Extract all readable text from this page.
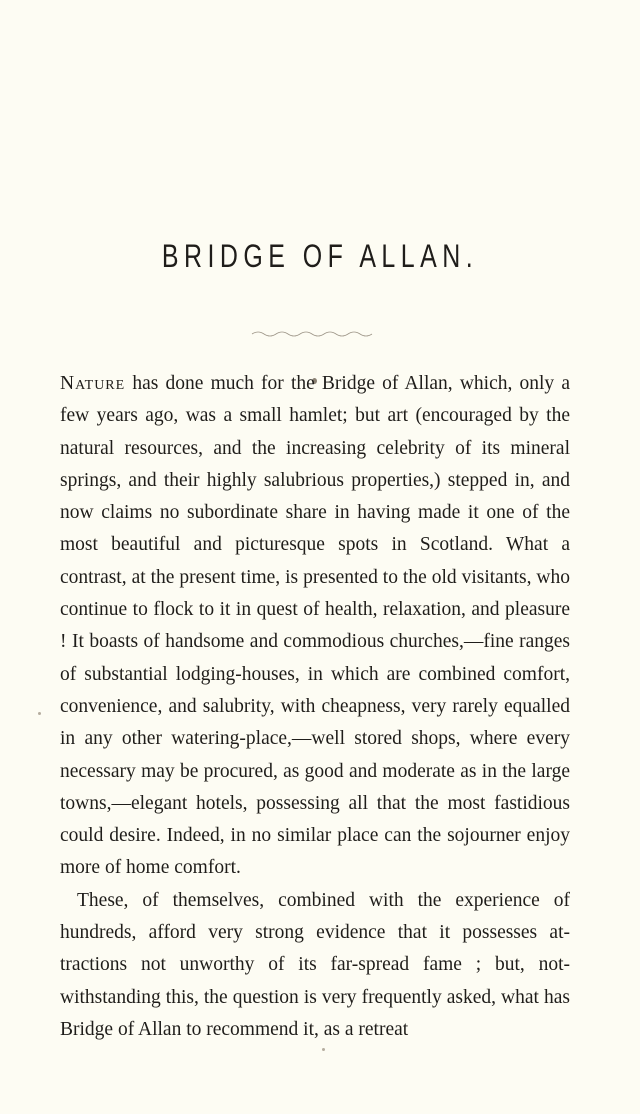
BRIDGE OF ALLAN.

Nature has done much for the Bridge of Allan, which, only a few years ago, was a small hamlet; but art (encouraged by the natural resources, and the increasing celebrity of its mineral springs, and their highly salubrious properties,) stepped in, and now claims no subordinate share in having made it one of the most beautiful and picturesque spots in Scotland. What a contrast, at the present time, is presented to the old visitants, who continue to flock to it in quest of health, relaxation, and pleasure ! It boasts of handsome and commodious churches,—fine ranges of substantial lodging-houses, in which are combined comfort, convenience, and salubrity, with cheapness, very rarely equalled in any other watering-place,—well stored shops, where every necessary may be procured, as good and moderate as in the large towns,—elegant hotels, possessing all that the most fastidious could desire. Indeed, in no similar place can the sojourner enjoy more of home comfort.

These, of themselves, combined with the experience of hundreds, afford very strong evidence that it possesses attractions not unworthy of its far-spread fame ; but, notwithstanding this, the question is very frequently asked, what has Bridge of Allan to recommend it, as a retreat
